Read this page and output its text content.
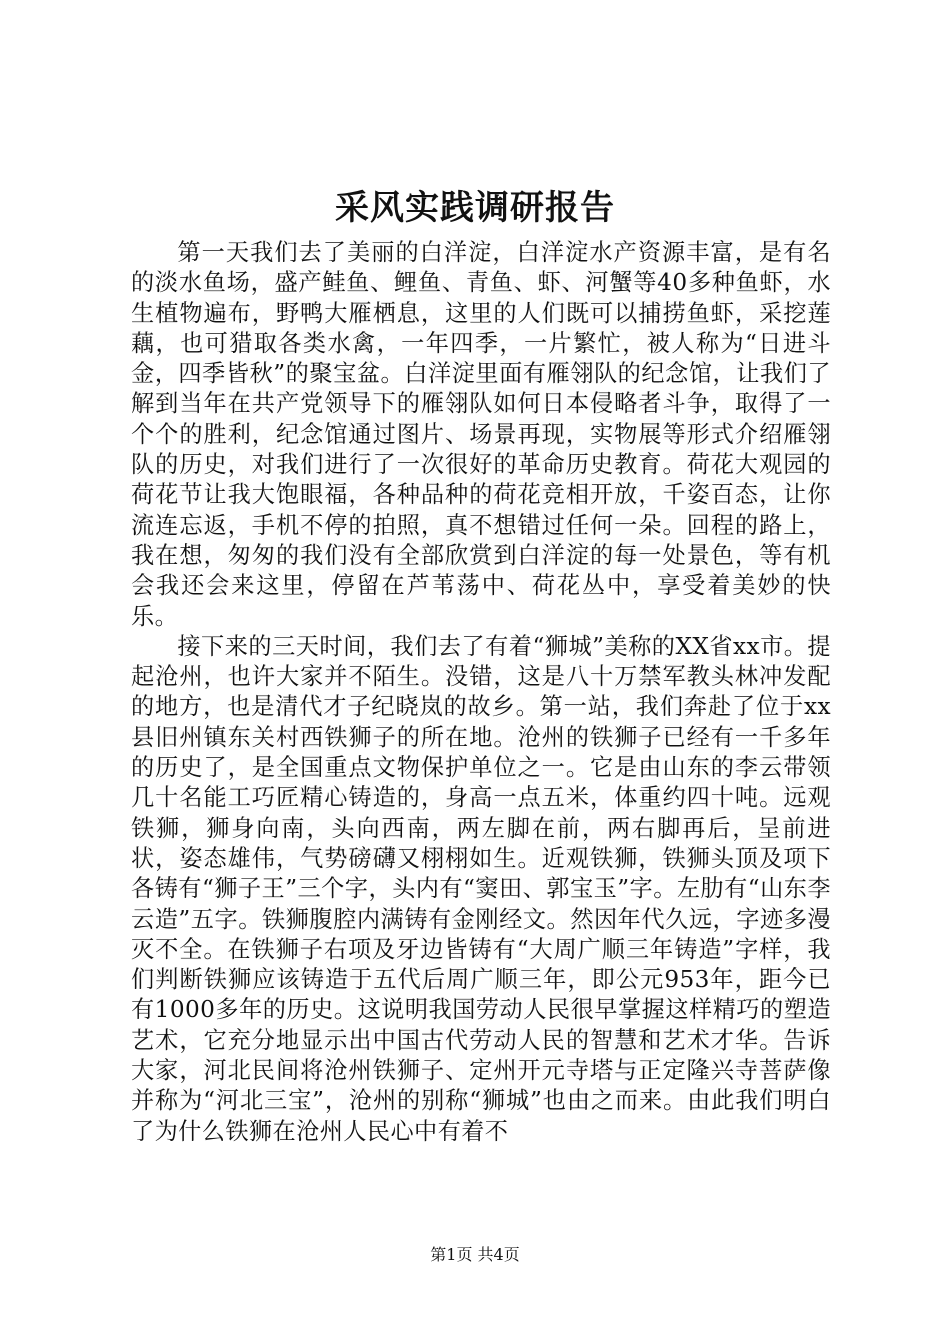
采风实践调研报告

第一天我们去了美丽的白洋淀，白洋淀水产资源丰富，是有名的淡水鱼场，盛产鲑鱼、鲤鱼、青鱼、虾、河蟹等40多种鱼虾，水生植物遍布，野鸭大雁栖息，这里的人们既可以捕捞鱼虾，采挖莲藕，也可猎取各类水禽，一年四季，一片繁忙，被人称为“日进斗金，四季皆秋”的聚宝盆。白洋淀里面有雁翎队的纪念馆，让我们了解到当年在共产党领导下的雁翎队如何日本侵略者斗争，取得了一个个的胜利，纪念馆通过图片、场景再现，实物展等形式介绍雁翎队的历史，对我们进行了一次很好的革命历史教育。荷花大观园的荷花节让我大饱眼福，各种品种的荷花竞相开放，千姿百态，让你流连忘返，手机不停的拍照，真不想错过任何一朵。回程的路上，我在想，匆匆的我们没有全部欣赏到白洋淀的每一处景色，等有机会我还会来这里，停留在芦苇荡中、荷花丛中，享受着美妙的快乐。

接下来的三天时间，我们去了有着“狮城”美称的XX省xx市。提起沧州，也许大家并不陌生。没错，这是八十万禁军教头林冲发配的地方，也是清代才子纪晓岚的故乡。第一站，我们奔赴了位于xx县旧州镇东关村西铁狮子的所在地。沧州的铁狮子已经有一千多年的历史了，是全国重点文物保护单位之一。它是由山东的李云带领几十名能工巧匠精心铸造的，身高一点五米，体重约四十吨。远观铁狮，狮身向南，头向西南，两左脚在前，两右脚再后，呈前进状，姿态雄伟，气势磅礴又栩栩如生。近观铁狮，铁狮头顶及项下各铸有“狮子王”三个字，头内有“窦田、郭宝玉”字。左肋有“山东李云造”五字。铁狮腹腔内满铸有金刚经文。然因年代久远，字迹多漫灭不全。在铁狮子右项及牙边皆铸有“大周广顺三年铸造”字样，我们判断铁狮应该铸造于五代后周广顺三年，即公元953年，距今已有1000多年的历史。这说明我国劳动人民很早掌握这样精巧的塑造艺术，它充分地显示出中国古代劳动人民的智慧和艺术才华。告诉大家，河北民间将沧州铁狮子、定州开元寺塔与正定隆兴寺菩萨像并称为“河北三宝”，沧州的别称“狮城”也由之而来。由此我们明白了为什么铁狮在沧州人民心中有着不

第1页 共4页
